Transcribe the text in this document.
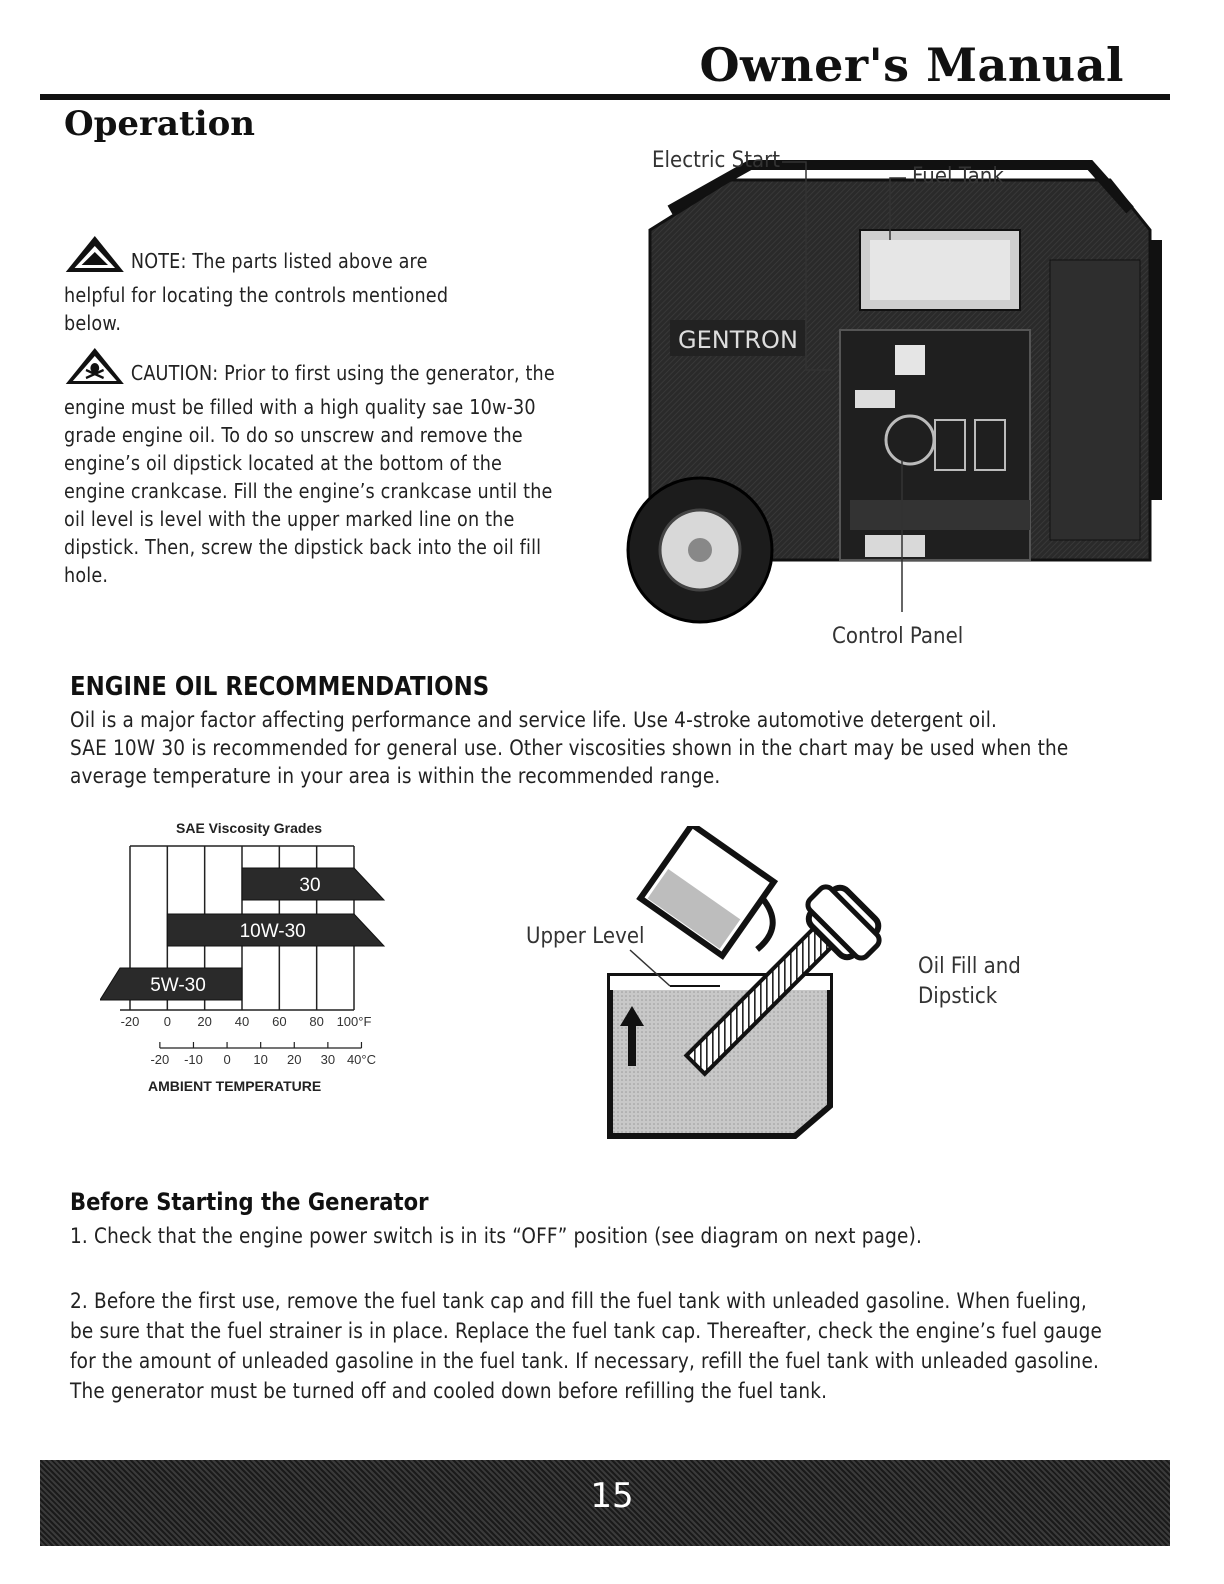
Owner's Manual
Operation

NOTE: The parts listed above are
helpful for locating the controls mentioned
below.

CAUTION: Prior to first using the generator, the
engine must be filled with a high quality sae 10w-30
grade engine oil. To do so unscrew and remove the
engine’s oil dipstick located at the bottom of the
engine crankcase. Fill the engine’s crankcase until the
oil level is level with the upper marked line on the
dipstick. Then, screw the dipstick back into the oil fill
hole.

GENTRON
Electric Start
Fuel Tank
Control Panel
ENGINE OIL RECOMMENDATIONS

Oil is a major factor affecting performance and service life. Use 4-stroke automotive detergent oil.
SAE 10W 30 is recommended for general use. Other viscosities shown in the chart may be used when the
average temperature in your area is within the recommended range.

SAE Viscosity Grades
30
10W-30
5W-30
-20 0 20 40 60 80 100°F
-20 -10 0 10 20 30 40°C
AMBIENT TEMPERATURE
Upper Level
Oil Fill and
Dipstick
Before Starting the Generator

1. Check that the engine power switch is in its “OFF” position (see diagram on next page).

2. Before the first use, remove the fuel tank cap and fill the fuel tank with unleaded gasoline. When fueling,
be sure that the fuel strainer is in place. Replace the fuel tank cap. Thereafter, check the engine’s fuel gauge
for the amount of unleaded gasoline in the fuel tank. If necessary, refill the fuel tank with unleaded gasoline.
The generator must be turned off and cooled down before refilling the fuel tank.

15
